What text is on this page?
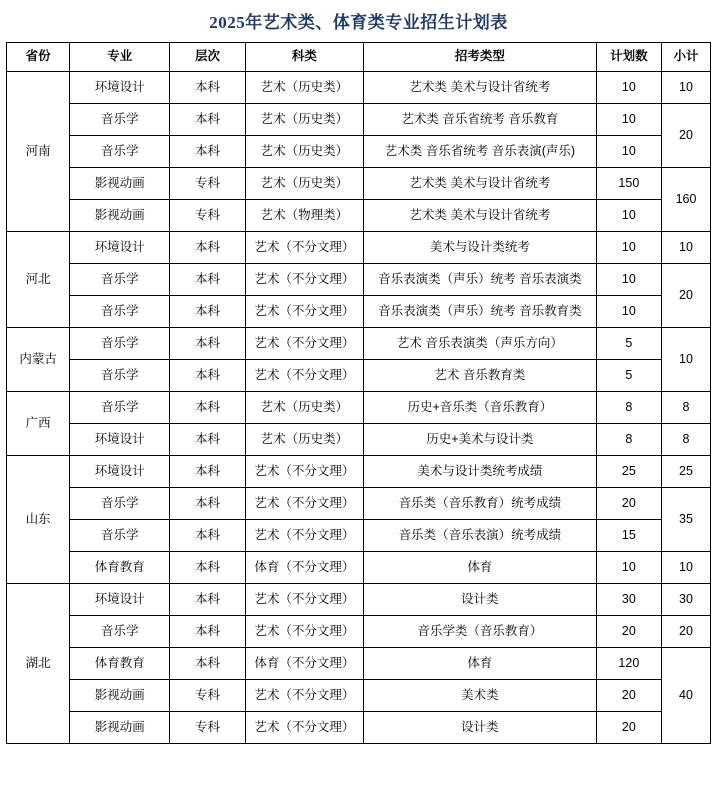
2025年艺术类、体育类专业招生计划表
省份	专业	层次	科类	招考类型	计划数	小计
河南	环境设计	本科	艺术（历史类）	艺术类 美术与设计省统考	10	10
	音乐学	本科	艺术（历史类）	艺术类 音乐省统考 音乐教育	10	20
	音乐学	本科	艺术（历史类）	艺术类 音乐省统考 音乐表演(声乐)	10	
	影视动画	专科	艺术（历史类）	艺术类 美术与设计省统考	150	160
	影视动画	专科	艺术（物理类）	艺术类 美术与设计省统考	10	
河北	环境设计	本科	艺术（不分文理）	美术与设计类统考	10	10
	音乐学	本科	艺术（不分文理）	音乐表演类（声乐）统考 音乐表演类	10	20
	音乐学	本科	艺术（不分文理）	音乐表演类（声乐）统考 音乐教育类	10	
内蒙古	音乐学	本科	艺术（不分文理）	艺术 音乐表演类（声乐方向）	5	10
	音乐学	本科	艺术（不分文理）	艺术 音乐教育类	5	
广西	音乐学	本科	艺术（历史类）	历史+音乐类（音乐教育）	8	8
	环境设计	本科	艺术（历史类）	历史+美术与设计类	8	8
山东	环境设计	本科	艺术（不分文理）	美术与设计类统考成绩	25	25
	音乐学	本科	艺术（不分文理）	音乐类（音乐教育）统考成绩	20	35
	音乐学	本科	艺术（不分文理）	音乐类（音乐表演）统考成绩	15	
	体育教育	本科	体育（不分文理）	体育	10	10
湖北	环境设计	本科	艺术（不分文理）	设计类	30	30
	音乐学	本科	艺术（不分文理）	音乐学类（音乐教育）	20	20
	体育教育	本科	体育（不分文理）	体育	120	40
	影视动画	专科	艺术（不分文理）	美术类	20	
	影视动画	专科	艺术（不分文理）	设计类	20	
